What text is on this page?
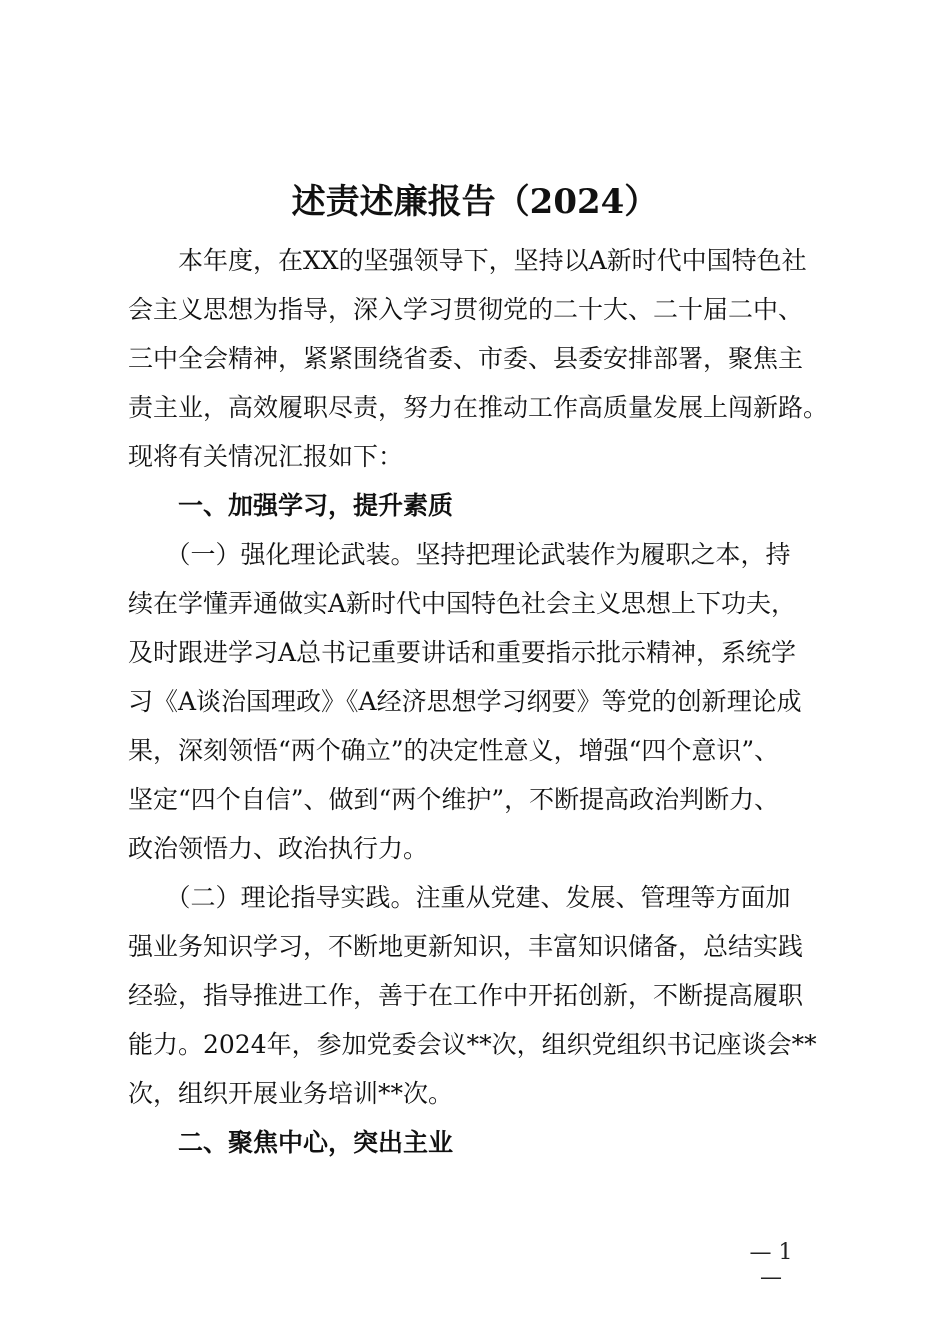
述责述廉报告（2024）
　　本年度，在XX的坚强领导下，坚持以A新时代中国特色社
会主义思想为指导，深入学习贯彻党的二十大、二十届二中、
三中全会精神，紧紧围绕省委、市委、县委安排部署，聚焦主
责主业，高效履职尽责，努力在推动工作高质量发展上闯新路。
现将有关情况汇报如下：
　　一、加强学习，提升素质
　　（一）强化理论武装。坚持把理论武装作为履职之本，持
续在学懂弄通做实A新时代中国特色社会主义思想上下功夫，
及时跟进学习A总书记重要讲话和重要指示批示精神，系统学
习《A谈治国理政》《A经济思想学习纲要》等党的创新理论成
果，深刻领悟“两个确立”的决定性意义，增强“四个意识”、
坚定“四个自信”、做到“两个维护”，不断提高政治判断力、
政治领悟力、政治执行力。
　　（二）理论指导实践。注重从党建、发展、管理等方面加
强业务知识学习，不断地更新知识，丰富知识储备，总结实践
经验，指导推进工作，善于在工作中开拓创新，不断提高履职
能力。2024年，参加党委会议**次，组织党组织书记座谈会**
次，组织开展业务培训**次。
　　二、聚焦中心，突出主业
— 1 —
